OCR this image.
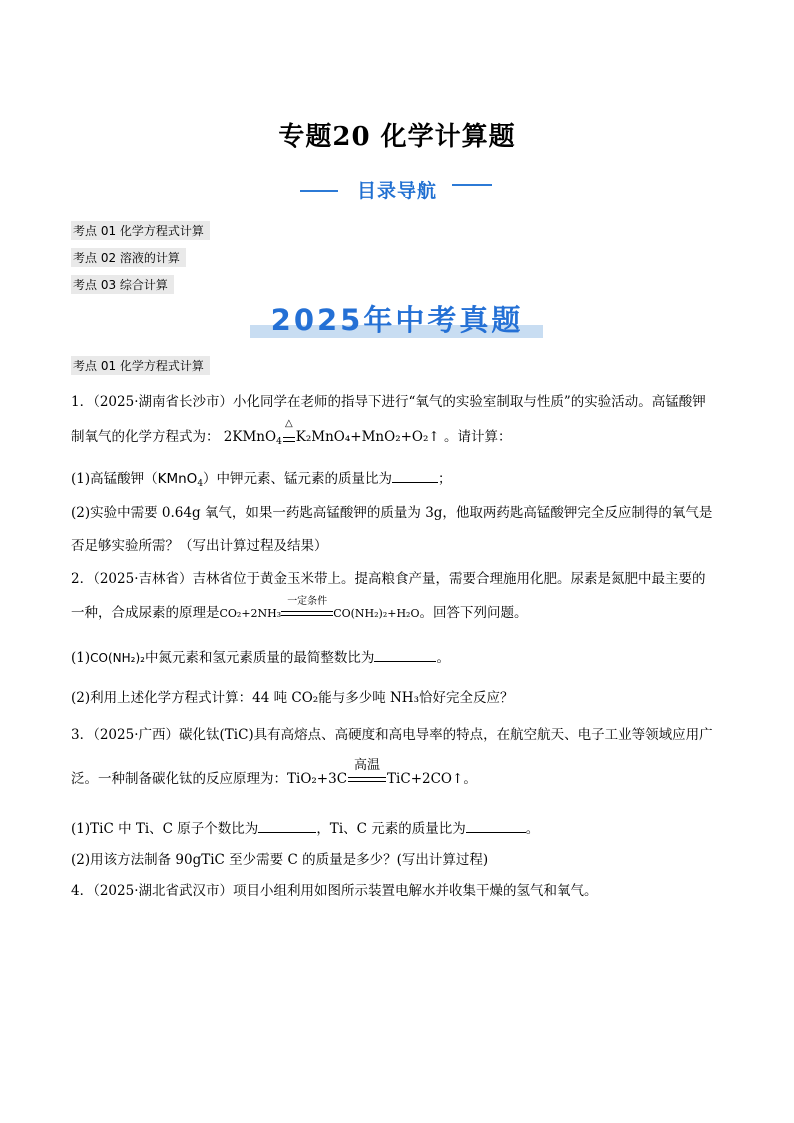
专题20 化学计算题
目录导航
考点 01 化学方程式计算
考点 02 溶液的计算
考点 03 综合计算
2025年中考真题
考点 01 化学方程式计算
1．（2025·湖南省长沙市）小化同学在老师的指导下进行“氧气的实验室制取与性质”的实验活动。高锰酸钾
制氧气的化学方程式为： 2KMnO$_4$
△
K₂MnO₄+MnO₂+O₂↑ 。请计算：
(1)高锰酸钾（KMnO$_4$）中钾元素、锰元素的质量比为	；
(2)实验中需要 0.64g 氧气，如果一药匙高锰酸钾的质量为 3g，他取两药匙高锰酸钾完全反应制得的氧气是
否足够实验所需？（写出计算过程及结果）
2．（2025·吉林省）吉林省位于黄金玉米带上。提高粮食产量，需要合理施用化肥。尿素是氮肥中最主要的
一种，合成尿素的原理是CO₂+2NH₃
一定条件
CO(NH₂)₂+H₂O。回答下列问题。
(1)CO(NH₂)₂中氮元素和氢元素质量的最简整数比为	。
(2)利用上述化学方程式计算：44 吨 CO₂能与多少吨 NH₃恰好完全反应？
3．（2025·广西）碳化钛(TiC)具有高熔点、高硬度和高电导率的特点，在航空航天、电子工业等领域应用广
泛。一种制备碳化钛的反应原理为：TiO₂+3C
高温
TiC+2CO↑。
(1)TiC 中 Ti、C 原子个数比为	，Ti、C 元素的质量比为	。
(2)用该方法制备 90gTiC 至少需要 C 的质量是多少？(写出计算过程)
4．（2025·湖北省武汉市）项目小组利用如图所示装置电解水并收集干燥的氢气和氧气。
